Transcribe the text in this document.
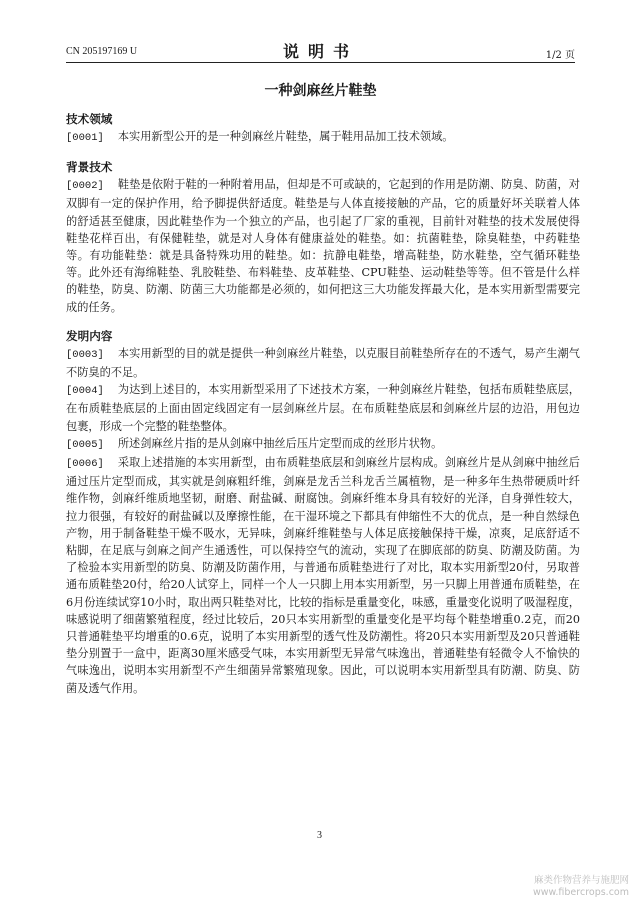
CN 205197169 U	说明书	1/2 页
一种剑麻丝片鞋垫

技术领域

[0001] 本实用新型公开的是一种剑麻丝片鞋垫，属于鞋用品加工技术领域。

背景技术

[0002] 鞋垫是依附于鞋的一种附着用品，但却是不可或缺的，它起到的作用是防潮、防臭、防菌，对双脚有一定的保护作用，给予脚提供舒适度。鞋垫是与人体直接接触的产品，它的质量好坏关联着人体的舒适甚至健康，因此鞋垫作为一个独立的产品，也引起了厂家的重视，目前针对鞋垫的技术发展使得鞋垫花样百出，有保健鞋垫，就是对人身体有健康益处的鞋垫。如：抗菌鞋垫，除臭鞋垫，中药鞋垫等。有功能鞋垫：就是具备特殊功用的鞋垫。如：抗静电鞋垫，增高鞋垫，防水鞋垫，空气循环鞋垫等。此外还有海绵鞋垫、乳胶鞋垫、布料鞋垫、皮革鞋垫、CPU鞋垫、运动鞋垫等等。但不管是什么样的鞋垫，防臭、防潮、防菌三大功能都是必须的，如何把这三大功能发挥最大化，是本实用新型需要完成的任务。

发明内容

[0003] 本实用新型的目的就是提供一种剑麻丝片鞋垫，以克服目前鞋垫所存在的不透气，易产生潮气不防臭的不足。

[0004] 为达到上述目的，本实用新型采用了下述技术方案，一种剑麻丝片鞋垫，包括布质鞋垫底层，在布质鞋垫底层的上面由固定线固定有一层剑麻丝片层。在布质鞋垫底层和剑麻丝片层的边沿，用包边包裹，形成一个完整的鞋垫整体。

[0005] 所述剑麻丝片指的是从剑麻中抽丝后压片定型而成的丝形片状物。

[0006] 采取上述措施的本实用新型，由布质鞋垫底层和剑麻丝片层构成。剑麻丝片是从剑麻中抽丝后通过压片定型而成，其实就是剑麻粗纤维，剑麻是龙舌兰科龙舌兰属植物，是一种多年生热带硬质叶纤维作物，剑麻纤维质地坚韧，耐磨、耐盐碱、耐腐蚀。剑麻纤维本身具有较好的光泽，自身弹性较大，拉力很强，有较好的耐盐碱以及摩擦性能，在干湿环境之下都具有伸缩性不大的优点，是一种自然绿色产物，用于制备鞋垫干燥不吸水，无异味，剑麻纤维鞋垫与人体足底接触保持干燥，凉爽，足底舒适不粘脚，在足底与剑麻之间产生通透性，可以保持空气的流动，实现了在脚底部的防臭、防潮及防菌。为了检验本实用新型的防臭、防潮及防菌作用，与普通布质鞋垫进行了对比，取本实用新型20付，另取普通布质鞋垫20付，给20人试穿上，同样一个人一只脚上用本实用新型，另一只脚上用普通布质鞋垫，在6月份连续试穿10小时，取出两只鞋垫对比，比较的指标是重量变化，味感，重量变化说明了吸湿程度，味感说明了细菌繁殖程度，经过比较后，20只本实用新型的重量变化是平均每个鞋垫增重0.2克，而20只普通鞋垫平均增重的0.6克，说明了本实用新型的透气性及防潮性。将20只本实用新型及20只普通鞋垫分别置于一盒中，距离30厘米感受气味，本实用新型无异常气味逸出，普通鞋垫有轻微令人不愉快的气味逸出，说明本实用新型不产生细菌异常繁殖现象。因此，可以说明本实用新型具有防潮、防臭、防菌及透气作用。

3
麻类作物营养与施肥网
www.fibercrops.com
